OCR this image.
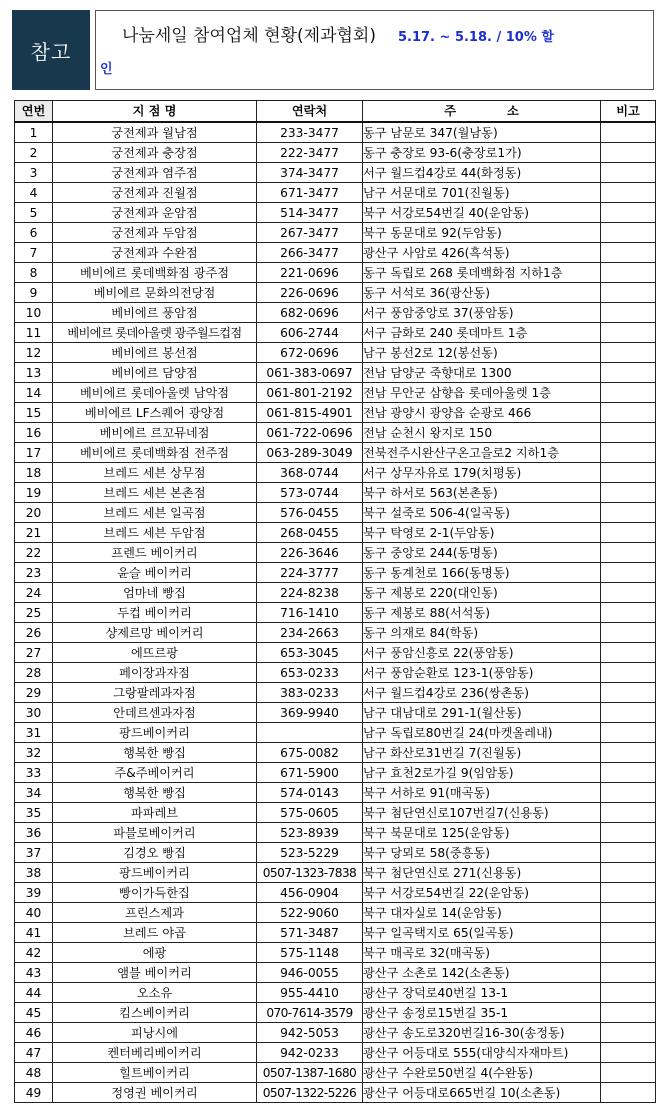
참고
나눔세일 참여업체 현황(제과협회) 5.17. ~ 5.18. / 10% 할
인
연번	지 점 명	연락처	주            소	비고
1	궁전제과 월남점	233-3477	동구 남문로 347(월남동)	
2	궁전제과 충장점	222-3477	동구 충장로 93-6(충장로1가)	
3	궁전제과 염주점	374-3477	서구 월드컵4강로 44(화정동)	
4	궁전제과 진월점	671-3477	남구 서문대로 701(진월동)	
5	궁전제과 운암점	514-3477	북구 서강로54번길 40(운암동)	
6	궁전제과 두암점	267-3477	북구 동문대로 92(두암동)	
7	궁전제과 수완점	266-3477	광산구 사암로 426(흑석동)	
8	베비에르 롯데백화점 광주점	221-0696	동구 독립로 268 롯데백화점 지하1층	
9	베비에르 문화의전당점	226-0696	동구 서석로 36(광산동)	
10	베비에르 풍암점	682-0696	서구 풍암중앙로 37(풍암동)	
11	베비에르 롯데아울렛 광주월드컵점	606-2744	서구 금화로 240 롯데마트 1층	
12	베비에르 봉선점	672-0696	남구 봉선2로 12(봉선동)	
13	베비에르 담양점	061-383-0697	전남 담양군 죽향대로 1300	
14	베비에르 롯데아울렛 남악점	061-801-2192	전남 무안군 삼향읍 롯데아울렛 1층	
15	베비에르 LF스퀘어 광양점	061-815-4901	전남 광양시 광양읍 순광로 466	
16	베비에르 르꼬뮤네점	061-722-0696	전남 순천시 왕지로 150	
17	베비에르 롯데백화점 전주점	063-289-3049	전북전주시완산구온고을로2 지하1층	
18	브레드 세븐 상무점	368-0744	서구 상무자유로 179(치평동)	
19	브레드 세븐 본촌점	573-0744	북구 하서로 563(본촌동)	
20	브레드 세븐 일곡점	576-0455	북구 설죽로 506-4(일곡동)	
21	브레드 세븐 두암점	268-0455	북구 탁영로 2-1(두암동)	
22	프렌드 베이커리	226-3646	동구 중앙로 244(동명동)	
23	윤슬 베이커리	224-3777	동구 동계천로 166(동명동)	
24	엄마네 빵집	224-8238	동구 제봉로 220(대인동)	
25	두컵 베이커리	716-1410	동구 제봉로 88(서석동)	
26	샹제르망 베이커리	234-2663	동구 의재로 84(학동)	
27	에뜨르팡	653-3045	서구 풍암신흥로 22(풍암동)	
28	페이장과자점	653-0233	서구 풍암순환로 123-1(풍암동)	
29	그랑팔레과자점	383-0233	서구 월드컵4강로 236(쌍촌동)	
30	안데르센과자점	369-9940	남구 대남대로 291-1(월산동)	
31	팡드베이커리		남구 독립로80번길 24(마켓올레내)	
32	행복한 빵집	675-0082	남구 화산로31번길 7(진월동)	
33	주&주베이커리	671-5900	남구 효천2로가길 9(임암동)	
34	행복한 빵집	574-0143	북구 서하로 91(매곡동)	
35	파파레브	575-0605	북구 첨단연신로107번길7(신용동)	
36	파블로베이커리	523-8939	북구 북문대로 125(운암동)	
37	김경오 빵집	523-5229	북구 당뫼로 58(중흥동)	
38	팡드베이커리	0507-1323-7838	북구 첨단연신로 271(신용동)	
39	빵이가득한집	456-0904	북구 서강로54번길 22(운암동)	
40	프린스제과	522-9060	북구 대자실로 14(운암동)	
41	브레드 야곱	571-3487	북구 일곡택지로 65(일곡동)	
42	에팡	575-1148	북구 매곡로 32(매곡동)	
43	앰블 베이커리	946-0055	광산구 소촌로 142(소촌동)	
44	오소유	955-4410	광산구 장덕로40번길 13-1	
45	킴스베이커리	070-7614-3579	광산구 송정로15번길 35-1	
46	피낭시에	942-5053	광산구 송도로320번길16-30(송정동)	
47	켄터베리베이커리	942-0233	광산구 어등대로 555(대양식자재마트)	
48	힐트베이커리	0507-1387-1680	광산구 수완로50번길 4(수완동)	
49	정영권 베이커리	0507-1322-5226	광산구 어등대로665번길 10(소촌동)	
